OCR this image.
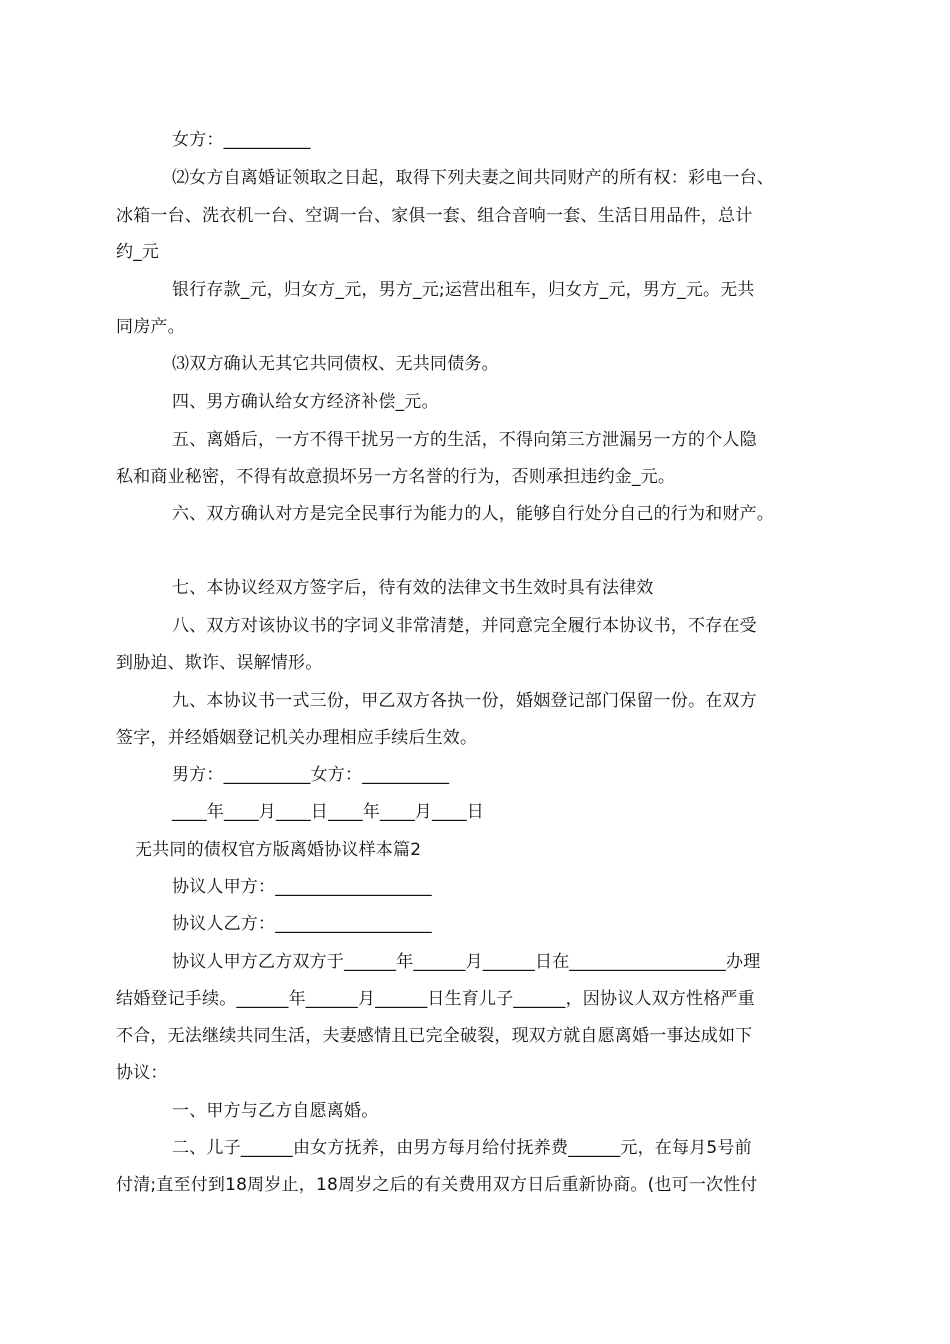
女方：__________
⑵女方自离婚证领取之日起，取得下列夫妻之间共同财产的所有权：彩电一台、
冰箱一台、洗衣机一台、空调一台、家俱一套、组合音响一套、生活日用品件，总计
约_元
银行存款_元，归女方_元，男方_元;运营出租车，归女方_元，男方_元。无共
同房产。
⑶双方确认无其它共同债权、无共同债务。
四、男方确认给女方经济补偿_元。
五、离婚后，一方不得干扰另一方的生活，不得向第三方泄漏另一方的个人隐
私和商业秘密，不得有故意损坏另一方名誉的行为，否则承担违约金_元。
六、双方确认对方是完全民事行为能力的人，能够自行处分自己的行为和财产。
七、本协议经双方签字后，待有效的法律文书生效时具有法律效
八、双方对该协议书的字词义非常清楚，并同意完全履行本协议书，不存在受
到胁迫、欺诈、误解情形。
九、本协议书一式三份，甲乙双方各执一份，婚姻登记部门保留一份。在双方
签字，并经婚姻登记机关办理相应手续后生效。
男方：__________女方：__________
____年____月____日____年____月____日
无共同的债权官方版离婚协议样本篇2
协议人甲方：__________________
协议人乙方：__________________
协议人甲方乙方双方于______年______月______日在__________________办理
结婚登记手续。______年______月______日生育儿子______，因协议人双方性格严重
不合，无法继续共同生活，夫妻感情且已完全破裂，现双方就自愿离婚一事达成如下
协议：
一、甲方与乙方自愿离婚。
二、儿子______由女方抚养，由男方每月给付抚养费______元，在每月5号前
付清;直至付到18周岁止，18周岁之后的有关费用双方日后重新协商。(也可一次性付
